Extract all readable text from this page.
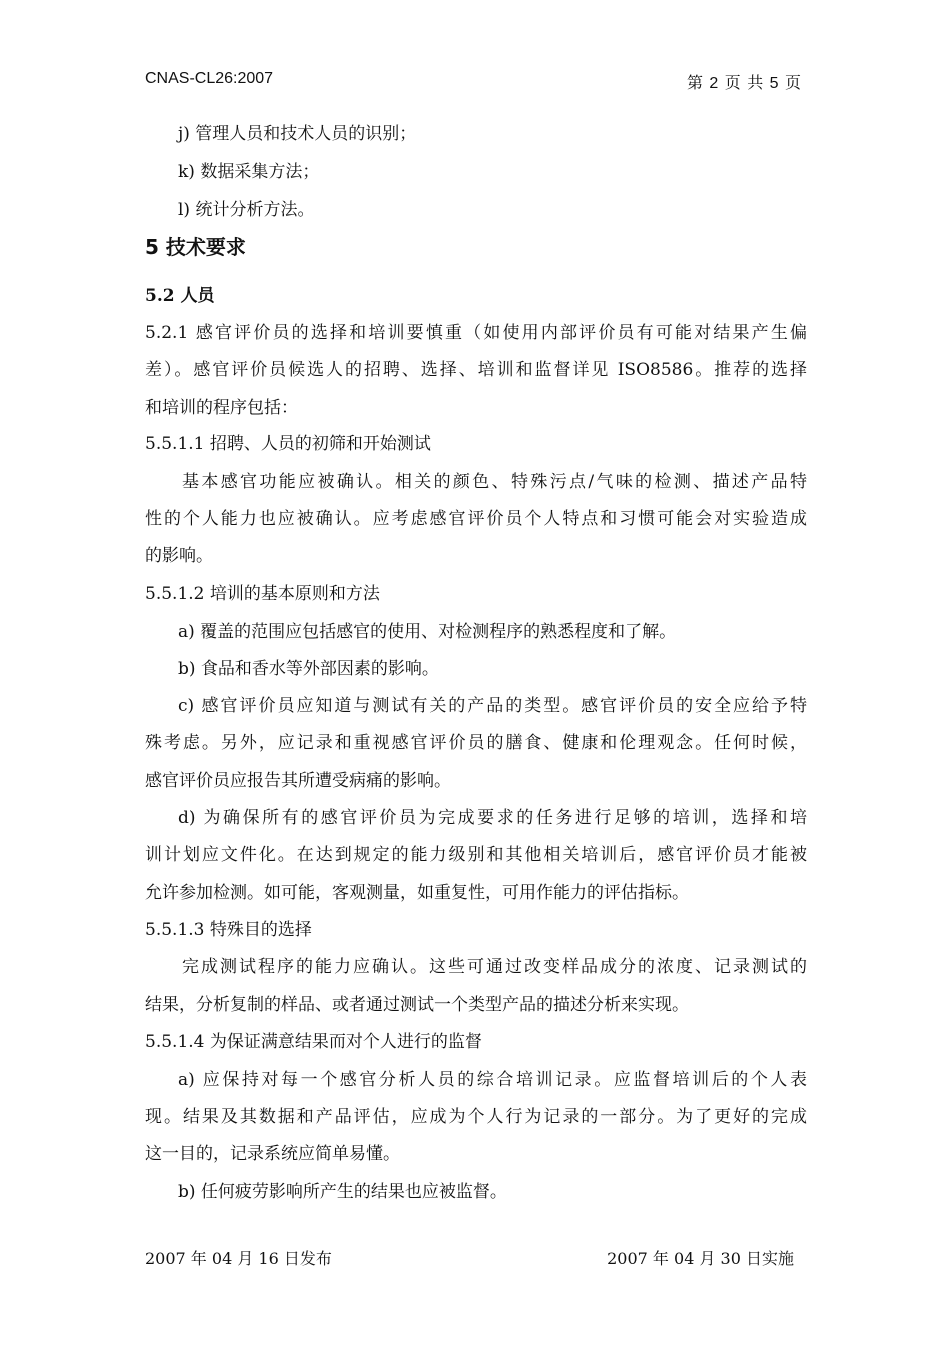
CNAS-CL26:2007	第 2 页 共 5 页
j) 管理人员和技术人员的识别；
k) 数据采集方法；
l) 统计分析方法。
5 技术要求
5.2 人员
5.2.1 感官评价员的选择和培训要慎重（如使用内部评价员有可能对结果产生偏
差）。感官评价员候选人的招聘、选择、培训和监督详见 ISO8586。推荐的选择
和培训的程序包括：
5.5.1.1 招聘、人员的初筛和开始测试
基本感官功能应被确认。相关的颜色、特殊污点/气味的检测、描述产品特
性的个人能力也应被确认。应考虑感官评价员个人特点和习惯可能会对实验造成
的影响。
5.5.1.2 培训的基本原则和方法
a) 覆盖的范围应包括感官的使用、对检测程序的熟悉程度和了解。
b) 食品和香水等外部因素的影响。
c) 感官评价员应知道与测试有关的产品的类型。感官评价员的安全应给予特
殊考虑。另外，应记录和重视感官评价员的膳食、健康和伦理观念。任何时候，
感官评价员应报告其所遭受病痛的影响。
d) 为确保所有的感官评价员为完成要求的任务进行足够的培训，选择和培
训计划应文件化。在达到规定的能力级别和其他相关培训后，感官评价员才能被
允许参加检测。如可能，客观测量，如重复性，可用作能力的评估指标。
5.5.1.3 特殊目的选择
完成测试程序的能力应确认。这些可通过改变样品成分的浓度、记录测试的
结果，分析复制的样品、或者通过测试一个类型产品的描述分析来实现。
5.5.1.4 为保证满意结果而对个人进行的监督
a) 应保持对每一个感官分析人员的综合培训记录。应监督培训后的个人表
现。结果及其数据和产品评估，应成为个人行为记录的一部分。为了更好的完成
这一目的，记录系统应简单易懂。
b) 任何疲劳影响所产生的结果也应被监督。
2007 年 04 月 16 日发布	2007 年 04 月 30 日实施
